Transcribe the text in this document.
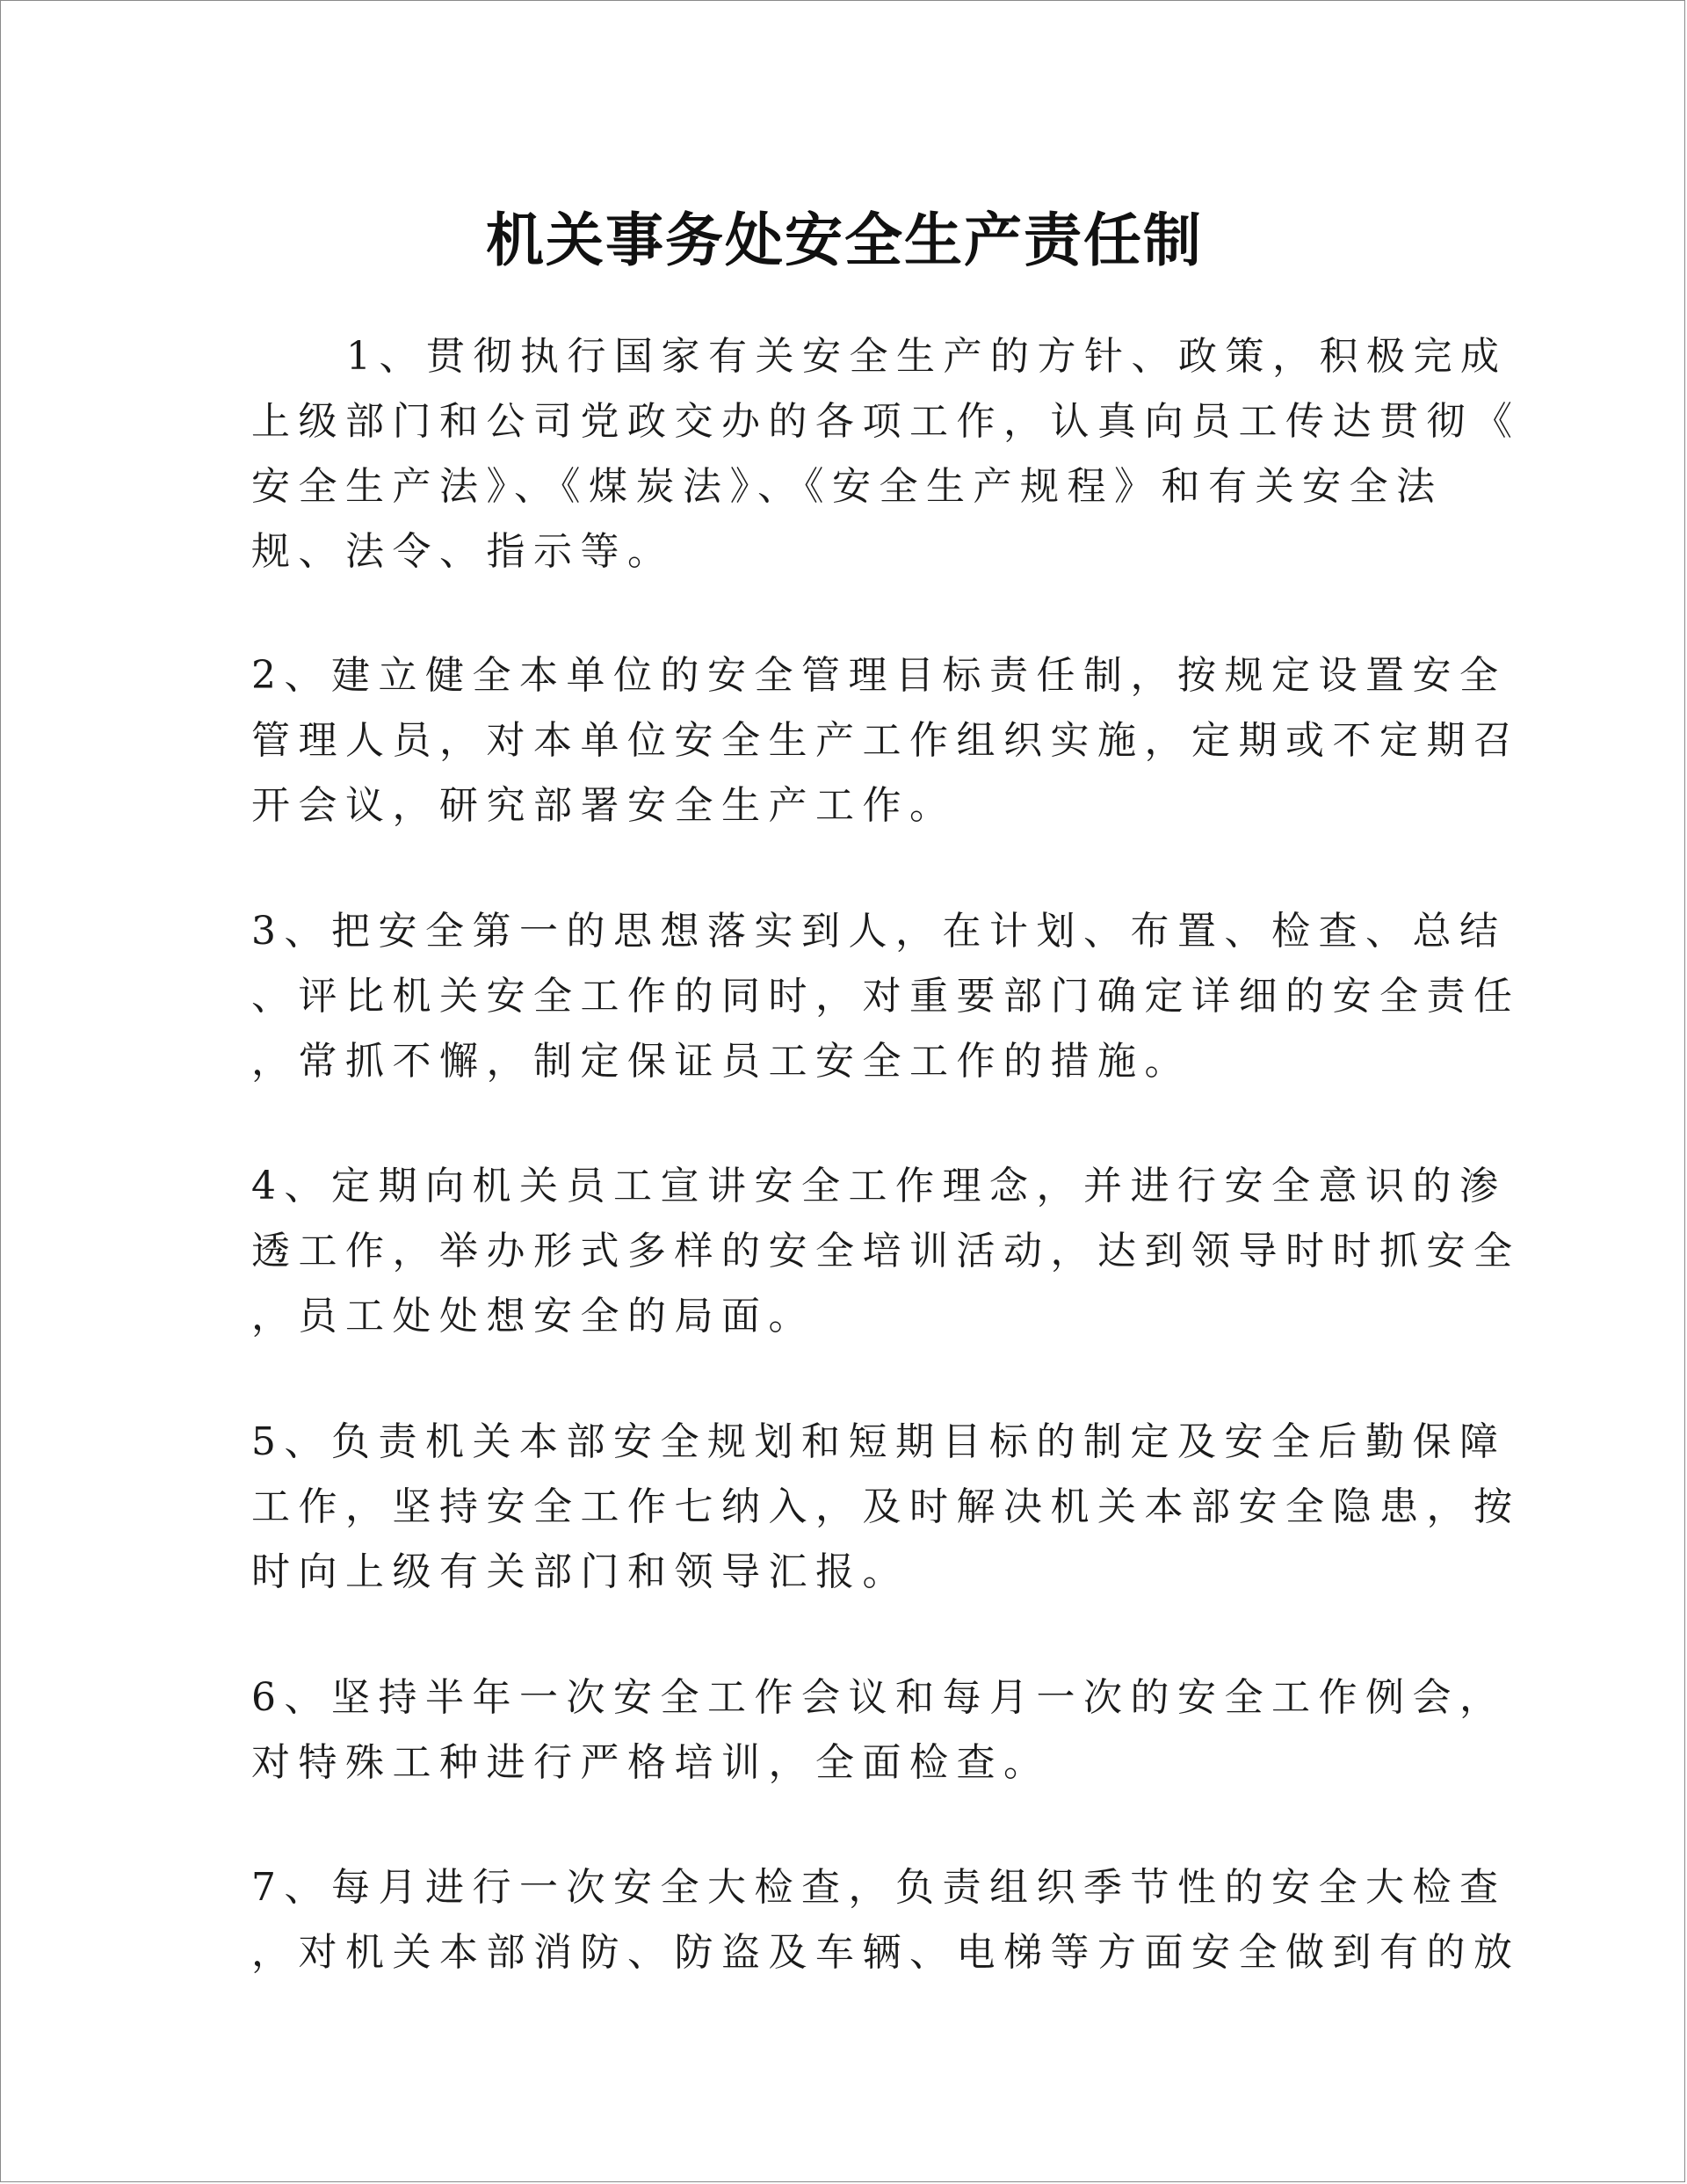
机关事务处安全生产责任制
1、贯彻执行国家有关安全生产的方针、政策，积极完成
上级部门和公司党政交办的各项工作，认真向员工传达贯彻《
安全生产法》、《煤炭法》、《安全生产规程》和有关安全法
规、法令、指示等。
2、建立健全本单位的安全管理目标责任制，按规定设置安全
管理人员，对本单位安全生产工作组织实施，定期或不定期召
开会议，研究部署安全生产工作。
3、把安全第一的思想落实到人，在计划、布置、检查、总结
、评比机关安全工作的同时，对重要部门确定详细的安全责任
，常抓不懈，制定保证员工安全工作的措施。
4、定期向机关员工宣讲安全工作理念，并进行安全意识的渗
透工作，举办形式多样的安全培训活动，达到领导时时抓安全
，员工处处想安全的局面。
5、负责机关本部安全规划和短期目标的制定及安全后勤保障
工作，坚持安全工作七纳入，及时解决机关本部安全隐患，按
时向上级有关部门和领导汇报。
6、坚持半年一次安全工作会议和每月一次的安全工作例会，
对特殊工种进行严格培训，全面检查。
7、每月进行一次安全大检查，负责组织季节性的安全大检查
，对机关本部消防、防盗及车辆、电梯等方面安全做到有的放
